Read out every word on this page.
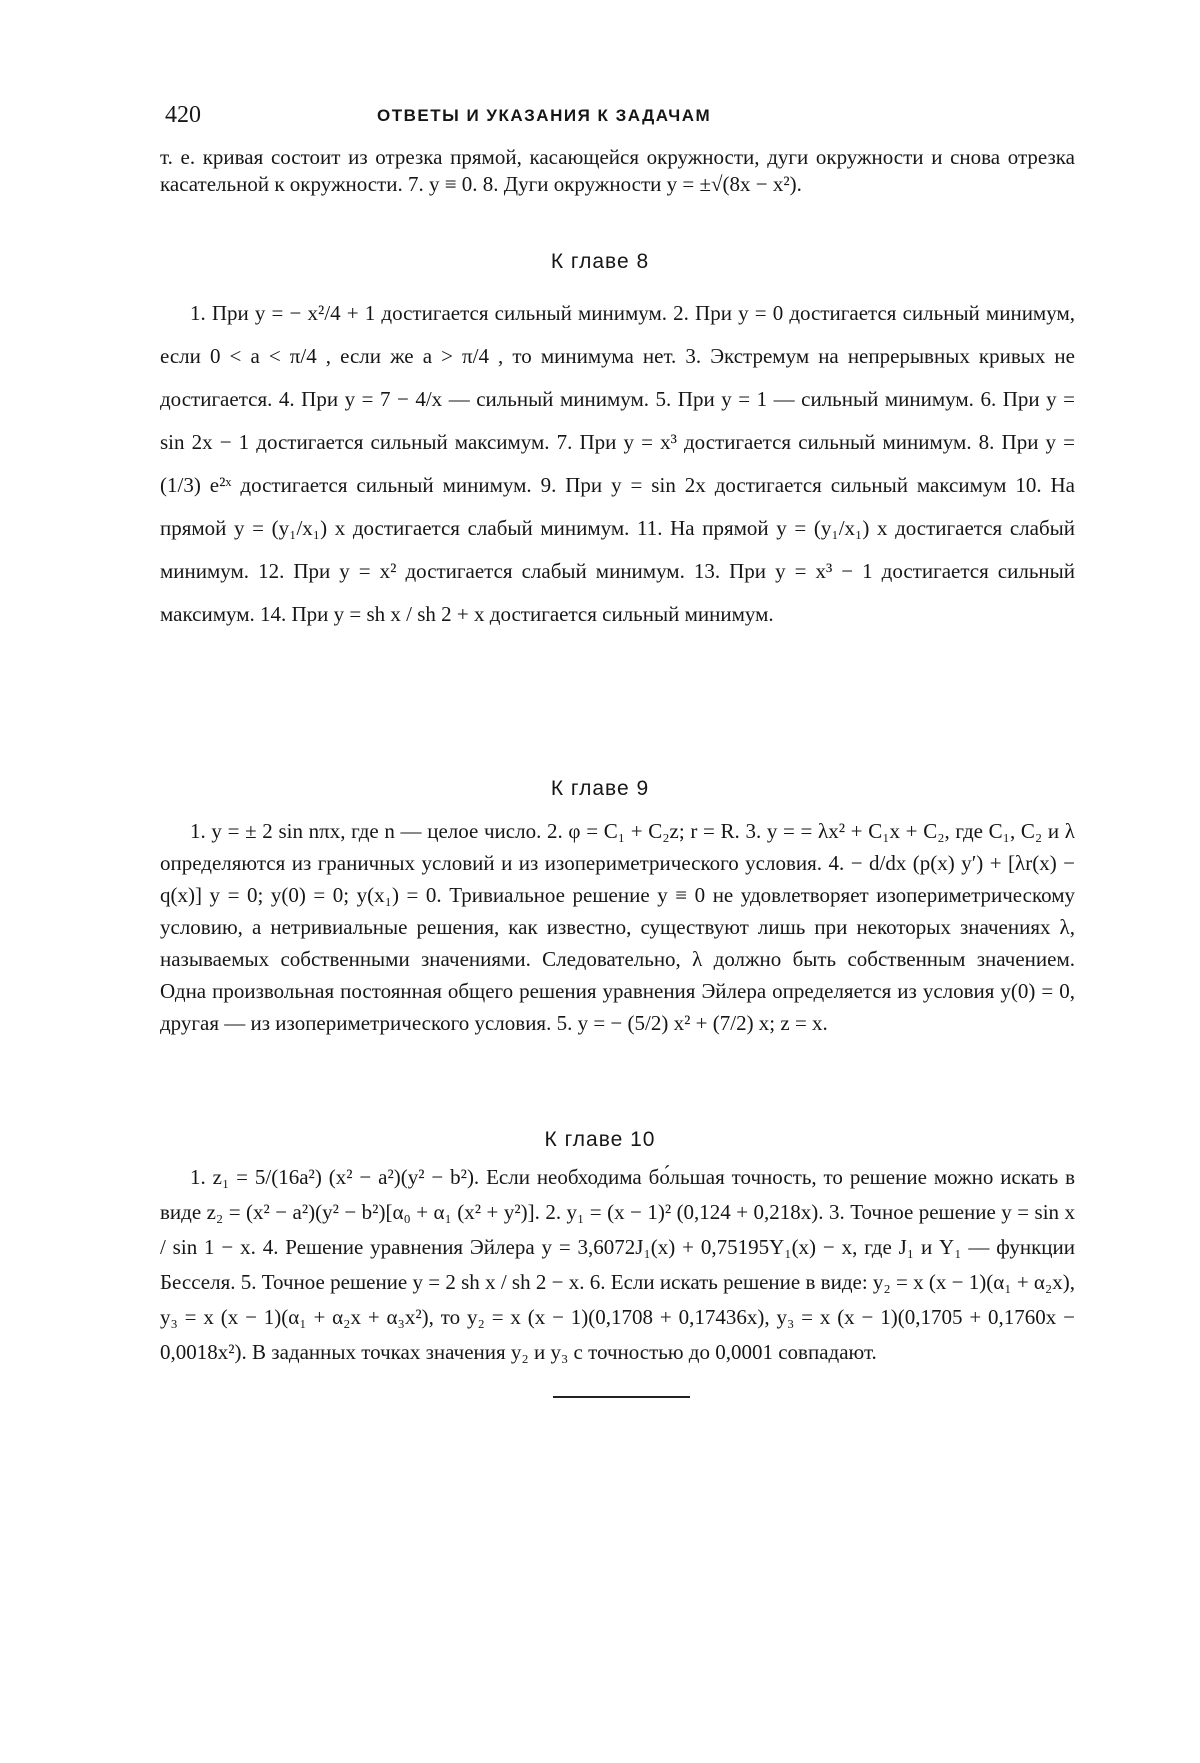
420	ОТВЕТЫ И УКАЗАНИЯ К ЗАДАЧАМ
т. е. кривая состоит из отрезка прямой, касающейся окружности, дуги окружности и снова отрезка касательной к окружности. 7. y ≡ 0. 8. Дуги окружности y = ±√(8x − x²).
К главе 8
1. При y = − x²/4 + 1 достигается сильный минимум. 2. При y = 0 достигается сильный минимум, если 0 < a < π/4 , если же a > π/4 , то минимума нет. 3. Экстремум на непрерывных кривых не достигается. 4. При y = 7 − 4/x — сильный минимум. 5. При y = 1 — сильный минимум. 6. При y = sin 2x − 1 достигается сильный максимум. 7. При y = x³ достигается сильный минимум. 8. При y = (1/3) e²ˣ достигается сильный минимум. 9. При y = sin 2x достигается сильный максимум 10. На прямой y = (y₁/x₁) x достигается слабый минимум. 11. На прямой y = (y₁/x₁) x достигается слабый минимум. 12. При y = x² достигается слабый минимум. 13. При y = x³ − 1 достигается сильный максимум. 14. При y = sh x / sh 2 + x достигается сильный минимум.
К главе 9
1. y = ± 2 sin nπx, где n — целое число. 2. φ = C₁ + C₂z; r = R. 3. y = = λx² + C₁x + C₂, где C₁, C₂ и λ определяются из граничных условий и из изопериметрического условия. 4. − d/dx (p(x) y′) + [λr(x) − q(x)] y = 0; y(0) = 0; y(x₁) = 0. Тривиальное решение y ≡ 0 не удовлетворяет изопериметрическому условию, а нетривиальные решения, как известно, существуют лишь при некоторых значениях λ, называемых собственными значениями. Следовательно, λ должно быть собственным значением. Одна произвольная постоянная общего решения уравнения Эйлера определяется из условия y(0) = 0, другая — из изопериметрического условия. 5. y = − (5/2) x² + (7/2) x; z = x.
К главе 10
1. z₁ = 5/(16a²) (x² − a²)(y² − b²). Если необходима бо́льшая точность, то решение можно искать в виде z₂ = (x² − a²)(y² − b²)[α₀ + α₁ (x² + y²)]. 2. y₁ = (x − 1)² (0,124 + 0,218x). 3. Точное решение y = sin x / sin 1 − x. 4. Решение уравнения Эйлера y = 3,6072J₁(x) + 0,75195Y₁(x) − x, где J₁ и Y₁ — функции Бесселя. 5. Точное решение y = 2 sh x / sh 2 − x. 6. Если искать решение в виде: y₂ = x (x − 1)(α₁ + α₂x), y₃ = x (x − 1)(α₁ + α₂x + α₃x²), то y₂ = x (x − 1)(0,1708 + 0,17436x), y₃ = x (x − 1)(0,1705 + 0,1760x − 0,0018x²). В заданных точках значения y₂ и y₃ с точностью до 0,0001 совпадают.
